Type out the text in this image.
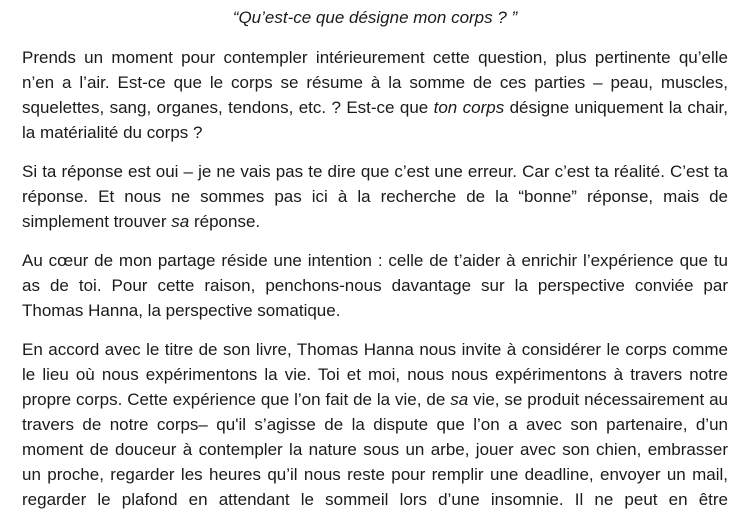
“Qu’est-ce que désigne mon corps ? ”

Prends un moment pour contempler intérieurement cette question, plus pertinente qu’elle n’en a l’air. Est-ce que le corps se résume à la somme de ces parties – peau, muscles, squelettes, sang, organes, tendons, etc. ? Est-ce que ton corps désigne uniquement la chair, la matérialité du corps ?

Si ta réponse est oui – je ne vais pas te dire que c’est une erreur. Car c’est ta réalité. C’est ta réponse. Et nous ne sommes pas ici à la recherche de la “bonne” réponse, mais de simplement trouver sa réponse.

Au cœur de mon partage réside une intention : celle de t’aider à enrichir l’expérience que tu as de toi. Pour cette raison, penchons-nous davantage sur la perspective conviée par Thomas Hanna, la perspective somatique.

En accord avec le titre de son livre, Thomas Hanna nous invite à considérer le corps comme le lieu où nous expérimentons la vie. Toi et moi, nous nous expérimentons à travers notre propre corps. Cette expérience que l’on fait de la vie, de sa vie, se produit nécessairement au travers de notre corps– qu'il s’agisse de la dispute que l’on a avec son partenaire, d’un moment de douceur à contempler la nature sous un arbe, jouer avec son chien, embrasser un proche, regarder les heures qu’il nous reste pour remplir une deadline, envoyer un mail, regarder le plafond en attendant le sommeil lors d’une insomnie. Il ne peut en être
